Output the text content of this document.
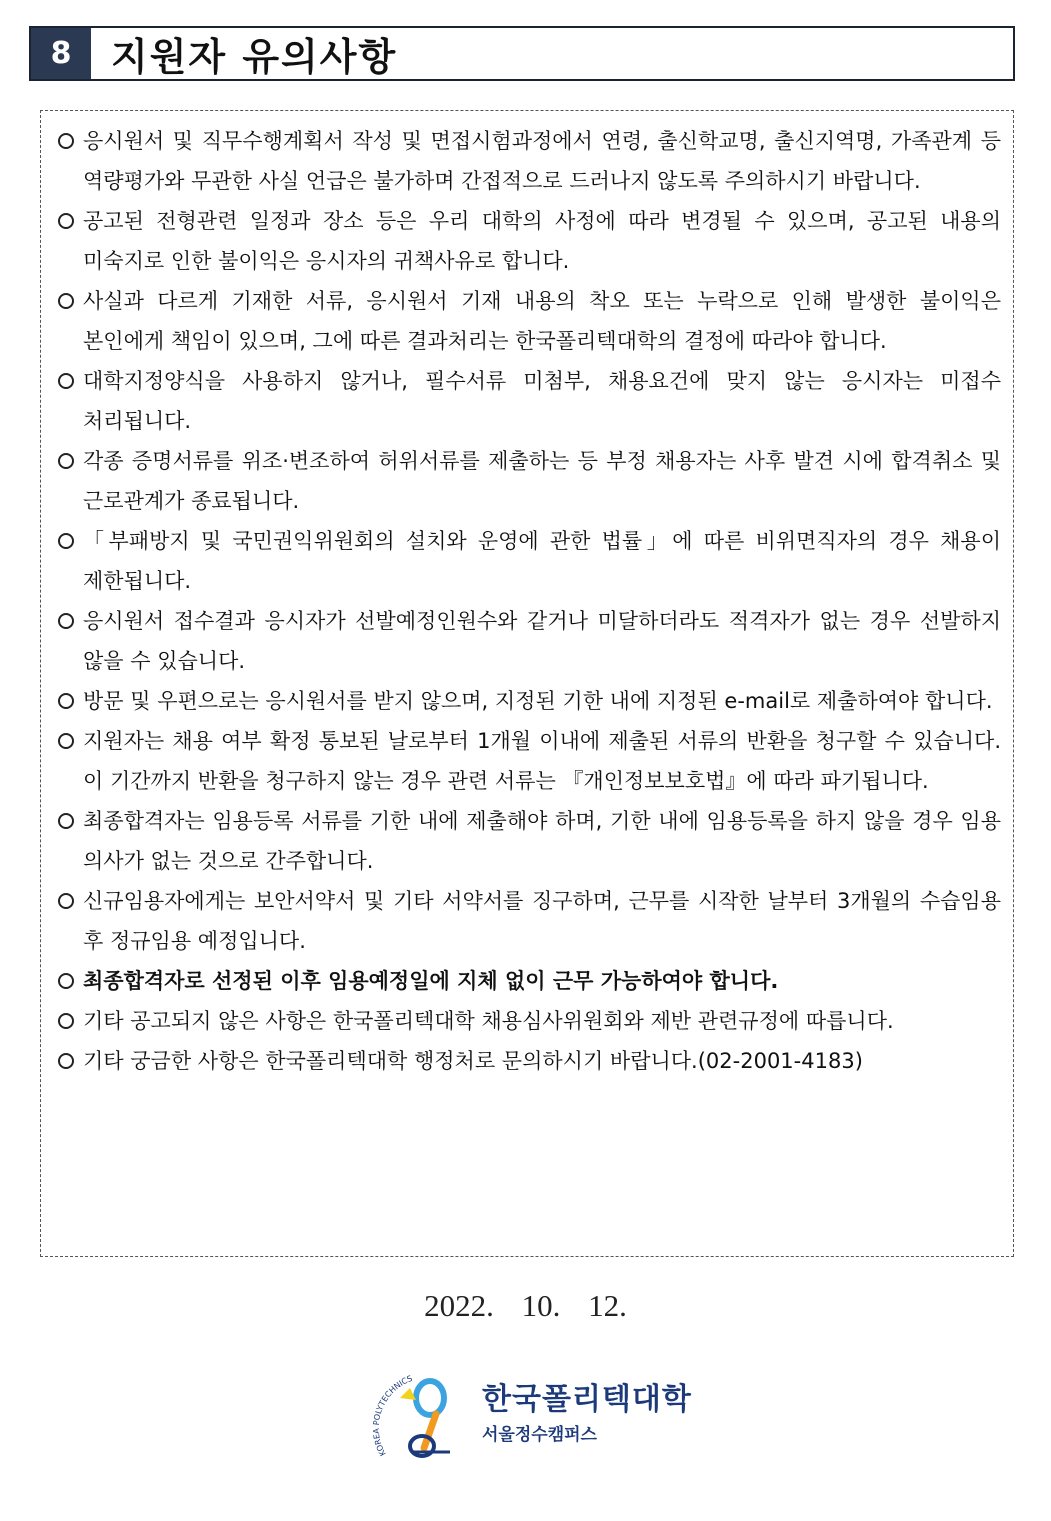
8	지원자 유의사항
응시원서 및 직무수행계획서 작성 및 면접시험과정에서 연령, 출신학교명, 출신지역명, 가족관계 등 역량평가와 무관한 사실 언급은 불가하며 간접적으로 드러나지 않도록 주의하시기 바랍니다.
공고된 전형관련 일정과 장소 등은 우리 대학의 사정에 따라 변경될 수 있으며, 공고된 내용의 미숙지로 인한 불이익은 응시자의 귀책사유로 합니다.
사실과 다르게 기재한 서류, 응시원서 기재 내용의 착오 또는 누락으로 인해 발생한 불이익은 본인에게 책임이 있으며, 그에 따른 결과처리는 한국폴리텍대학의 결정에 따라야 합니다.
대학지정양식을 사용하지 않거나, 필수서류 미첨부, 채용요건에 맞지 않는 응시자는 미접수 처리됩니다.
각종 증명서류를 위조·변조하여 허위서류를 제출하는 등 부정 채용자는 사후 발견 시에 합격취소 및 근로관계가 종료됩니다.
「부패방지 및 국민권익위원회의 설치와 운영에 관한 법률」에 따른 비위면직자의 경우 채용이 제한됩니다.
응시원서 접수결과 응시자가 선발예정인원수와 같거나 미달하더라도 적격자가 없는 경우 선발하지 않을 수 있습니다.
방문 및 우편으로는 응시원서를 받지 않으며, 지정된 기한 내에 지정된 e-mail로 제출하여야 합니다.
지원자는 채용 여부 확정 통보된 날로부터 1개월 이내에 제출된 서류의 반환을 청구할 수 있습니다. 이 기간까지 반환을 청구하지 않는 경우 관련 서류는 『개인정보보호법』에 따라 파기됩니다.
최종합격자는 임용등록 서류를 기한 내에 제출해야 하며, 기한 내에 임용등록을 하지 않을 경우 임용 의사가 없는 것으로 간주합니다.
신규임용자에게는 보안서약서 및 기타 서약서를 징구하며, 근무를 시작한 날부터 3개월의 수습임용 후 정규임용 예정입니다.
최종합격자로 선정된 이후 임용예정일에 지체 없이 근무 가능하여야 합니다.
기타 공고되지 않은 사항은 한국폴리텍대학 채용심사위원회와 제반 관련규정에 따릅니다.
기타 궁금한 사항은 한국폴리텍대학 행정처로 문의하시기 바랍니다.(02-2001-4183)
2022. 10. 12.
KOREA POLYTECHNICS
한국폴리텍대학
서울정수캠퍼스
